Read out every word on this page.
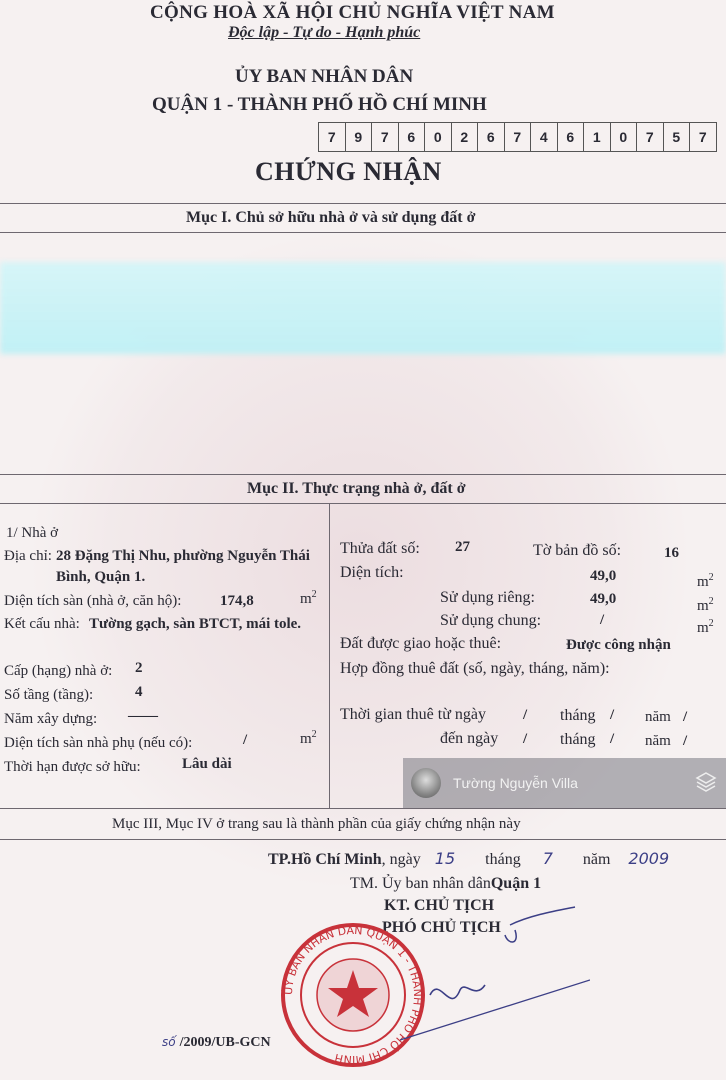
CỘNG HOÀ XÃ HỘI CHỦ NGHĨA VIỆT NAM
Độc lập - Tự do - Hạnh phúc
ỦY BAN NHÂN DÂN
QUẬN 1 - THÀNH PHỐ HỒ CHÍ MINH
7	9	7	6	0	2	6	7	4	6	1	0	7	5	7
CHỨNG NHẬN
Mục I. Chủ sở hữu nhà ở và sử dụng đất ở
Mục II. Thực trạng nhà ở, đất ở
1/ Nhà ở
Địa chỉ: 28 Đặng Thị Nhu, phường Nguyễn Thái
Bình, Quận 1.
Diện tích sàn (nhà ở, căn hộ):	174,8	$m^2$
Kết cấu nhà: Tường gạch, sàn BTCT, mái tole.
Cấp (hạng) nhà ở: 2
Số tầng (tầng):	4
Năm xây dựng: ——
Diện tích sàn nhà phụ (nếu có):	/	$m^2$
Thời hạn được sở hữu:	Lâu dài
Thửa đất số: 27	Tờ bản đồ số:	16
Diện tích:	49,0	$m^2$
Sử dụng riêng:	49,0	$m^2$
Sử dụng chung:	/	$m^2$
Đất được giao hoặc thuê:	Được công nhận
Hợp đồng thuê đất (số, ngày, tháng, năm):
Thời gian thuê từ ngày / tháng / năm /
đến ngày / tháng / năm /
Mục III, Mục IV ở trang sau là thành phần của giấy chứng nhận này
TP.Hồ Chí Minh, ngày 15 tháng 7 năm 2009
TM. Ủy ban nhân dânQuận 1
KT. CHỦ TỊCH
PHÓ CHỦ TỊCH
ỦY BAN NHÂN DÂN QUẬN 1 - THÀNH PHỐ HỒ CHÍ MINH
số /2009/UB-GCN
Tường Nguyễn Villa
